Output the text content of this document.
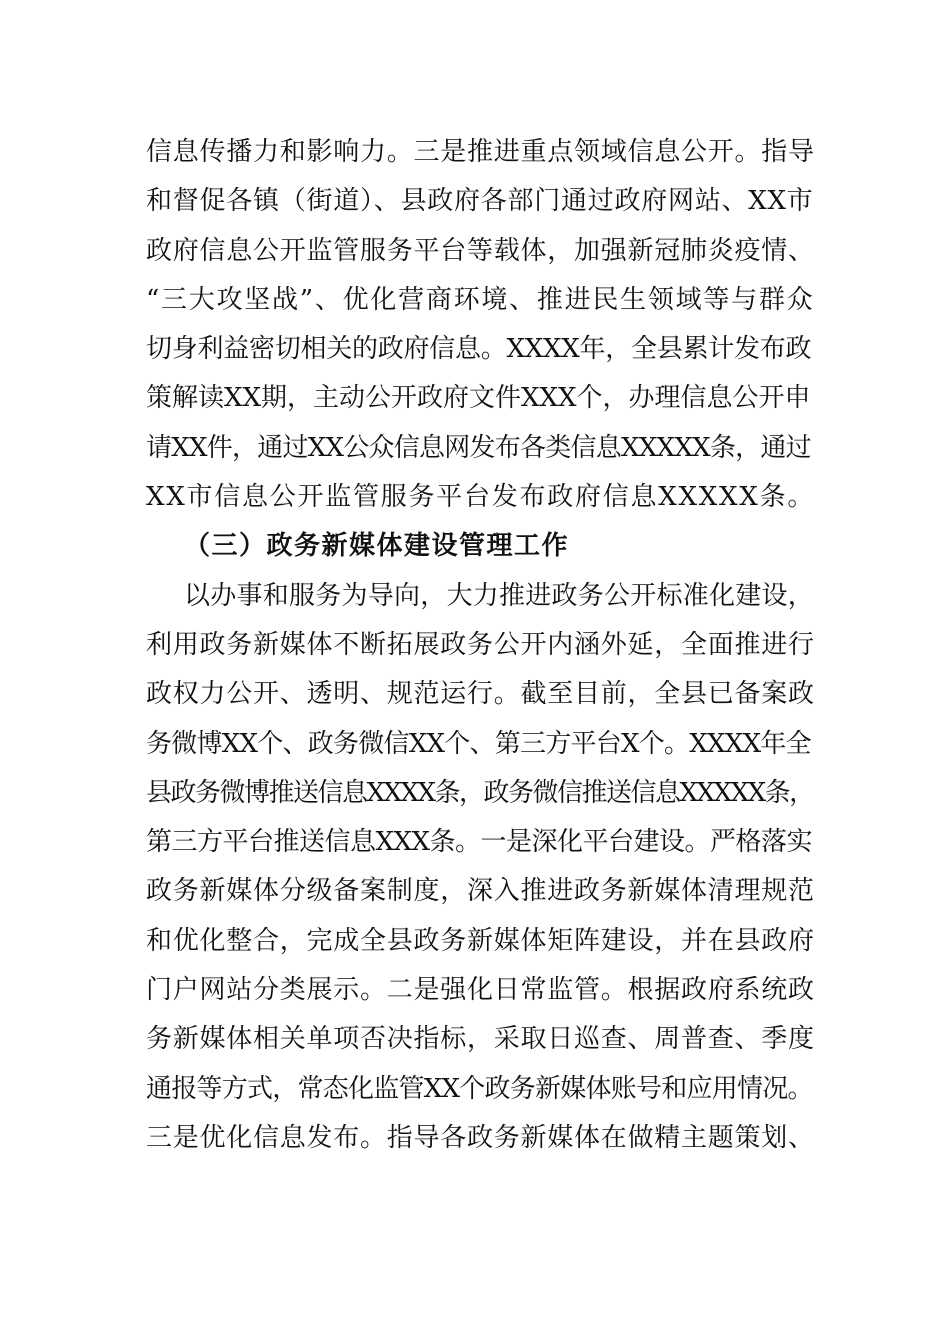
信息传播力和影响力。三是推进重点领域信息公开。指导
和督促各镇（街道）、县政府各部门通过政府网站、XX市
政府信息公开监管服务平台等载体，加强新冠肺炎疫情、
“三大攻坚战”、优化营商环境、推进民生领域等与群众
切身利益密切相关的政府信息。XXXX年，全县累计发布政
策解读XX期，主动公开政府文件XXX个，办理信息公开申
请XX件，通过XX公众信息网发布各类信息XXXXX条，通过
XX市信息公开监管服务平台发布政府信息XXXXX条。
（三）政务新媒体建设管理工作
以办事和服务为导向，大力推进政务公开标准化建设，
利用政务新媒体不断拓展政务公开内涵外延，全面推进行
政权力公开、透明、规范运行。截至目前，全县已备案政
务微博XX个、政务微信XX个、第三方平台X个。XXXX年全
县政务微博推送信息XXXX条，政务微信推送信息XXXXX条，
第三方平台推送信息XXX条。一是深化平台建设。严格落实
政务新媒体分级备案制度，深入推进政务新媒体清理规范
和优化整合，完成全县政务新媒体矩阵建设，并在县政府
门户网站分类展示。二是强化日常监管。根据政府系统政
务新媒体相关单项否决指标，采取日巡查、周普查、季度
通报等方式，常态化监管XX个政务新媒体账号和应用情况。
三是优化信息发布。指导各政务新媒体在做精主题策划、
